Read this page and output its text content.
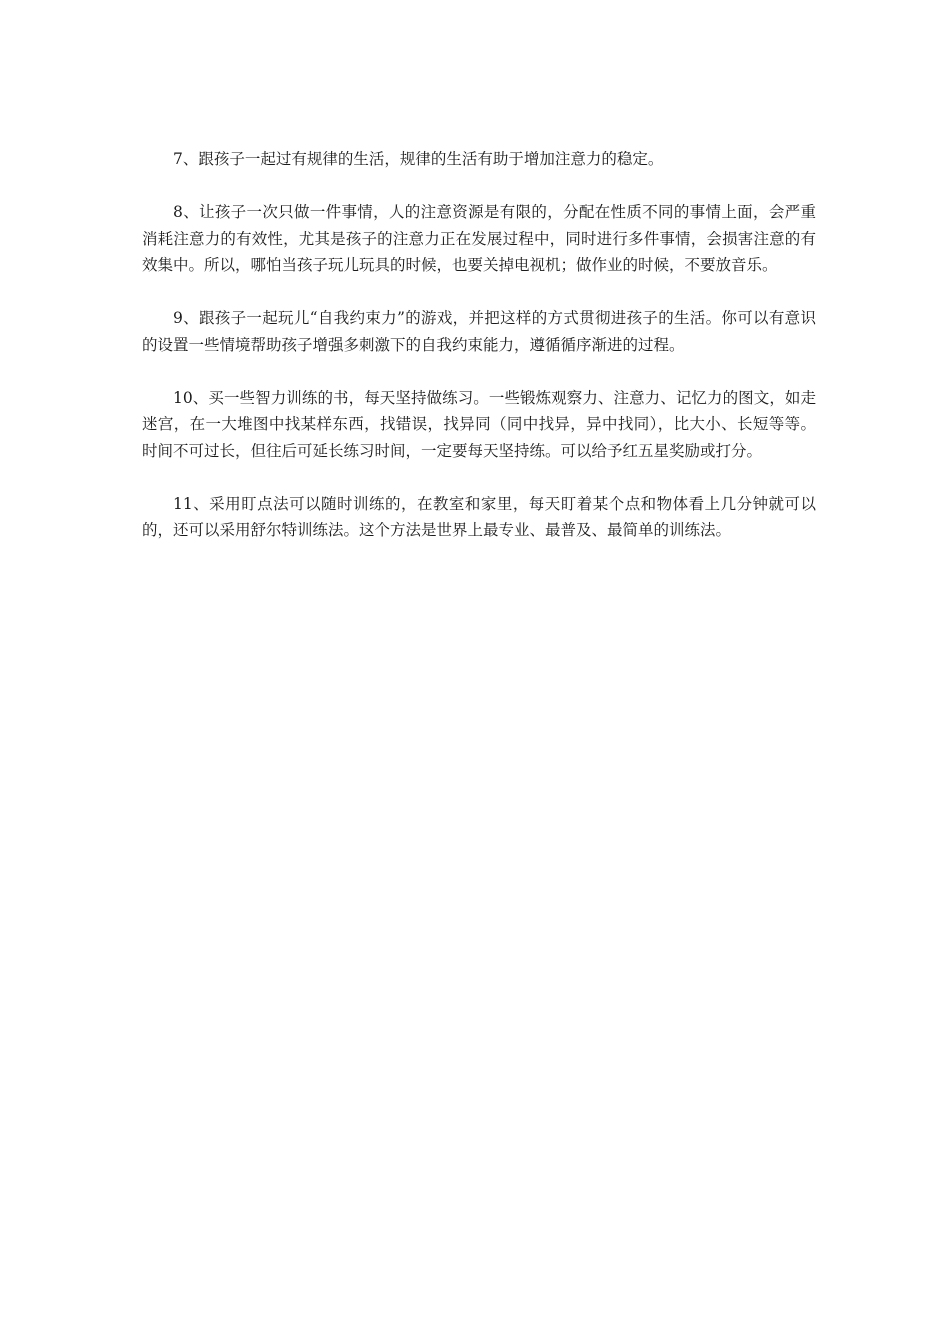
7、跟孩子一起过有规律的生活，规律的生活有助于增加注意力的稳定。

8、让孩子一次只做一件事情，人的注意资源是有限的，分配在性质不同的事情上面，会严重消耗注意力的有效性，尤其是孩子的注意力正在发展过程中，同时进行多件事情，会损害注意的有效集中。所以，哪怕当孩子玩儿玩具的时候，也要关掉电视机；做作业的时候，不要放音乐。

9、跟孩子一起玩儿“自我约束力”的游戏，并把这样的方式贯彻进孩子的生活。你可以有意识的设置一些情境帮助孩子增强多刺激下的自我约束能力，遵循循序渐进的过程。

10、买一些智力训练的书，每天坚持做练习。一些锻炼观察力、注意力、记忆力的图文，如走迷宫，在一大堆图中找某样东西，找错误，找异同（同中找异，异中找同），比大小、长短等等。时间不可过长，但往后可延长练习时间，一定要每天坚持练。可以给予红五星奖励或打分。

11、采用盯点法可以随时训练的，在教室和家里，每天盯着某个点和物体看上几分钟就可以的，还可以采用舒尔特训练法。这个方法是世界上最专业、最普及、最简单的训练法。
